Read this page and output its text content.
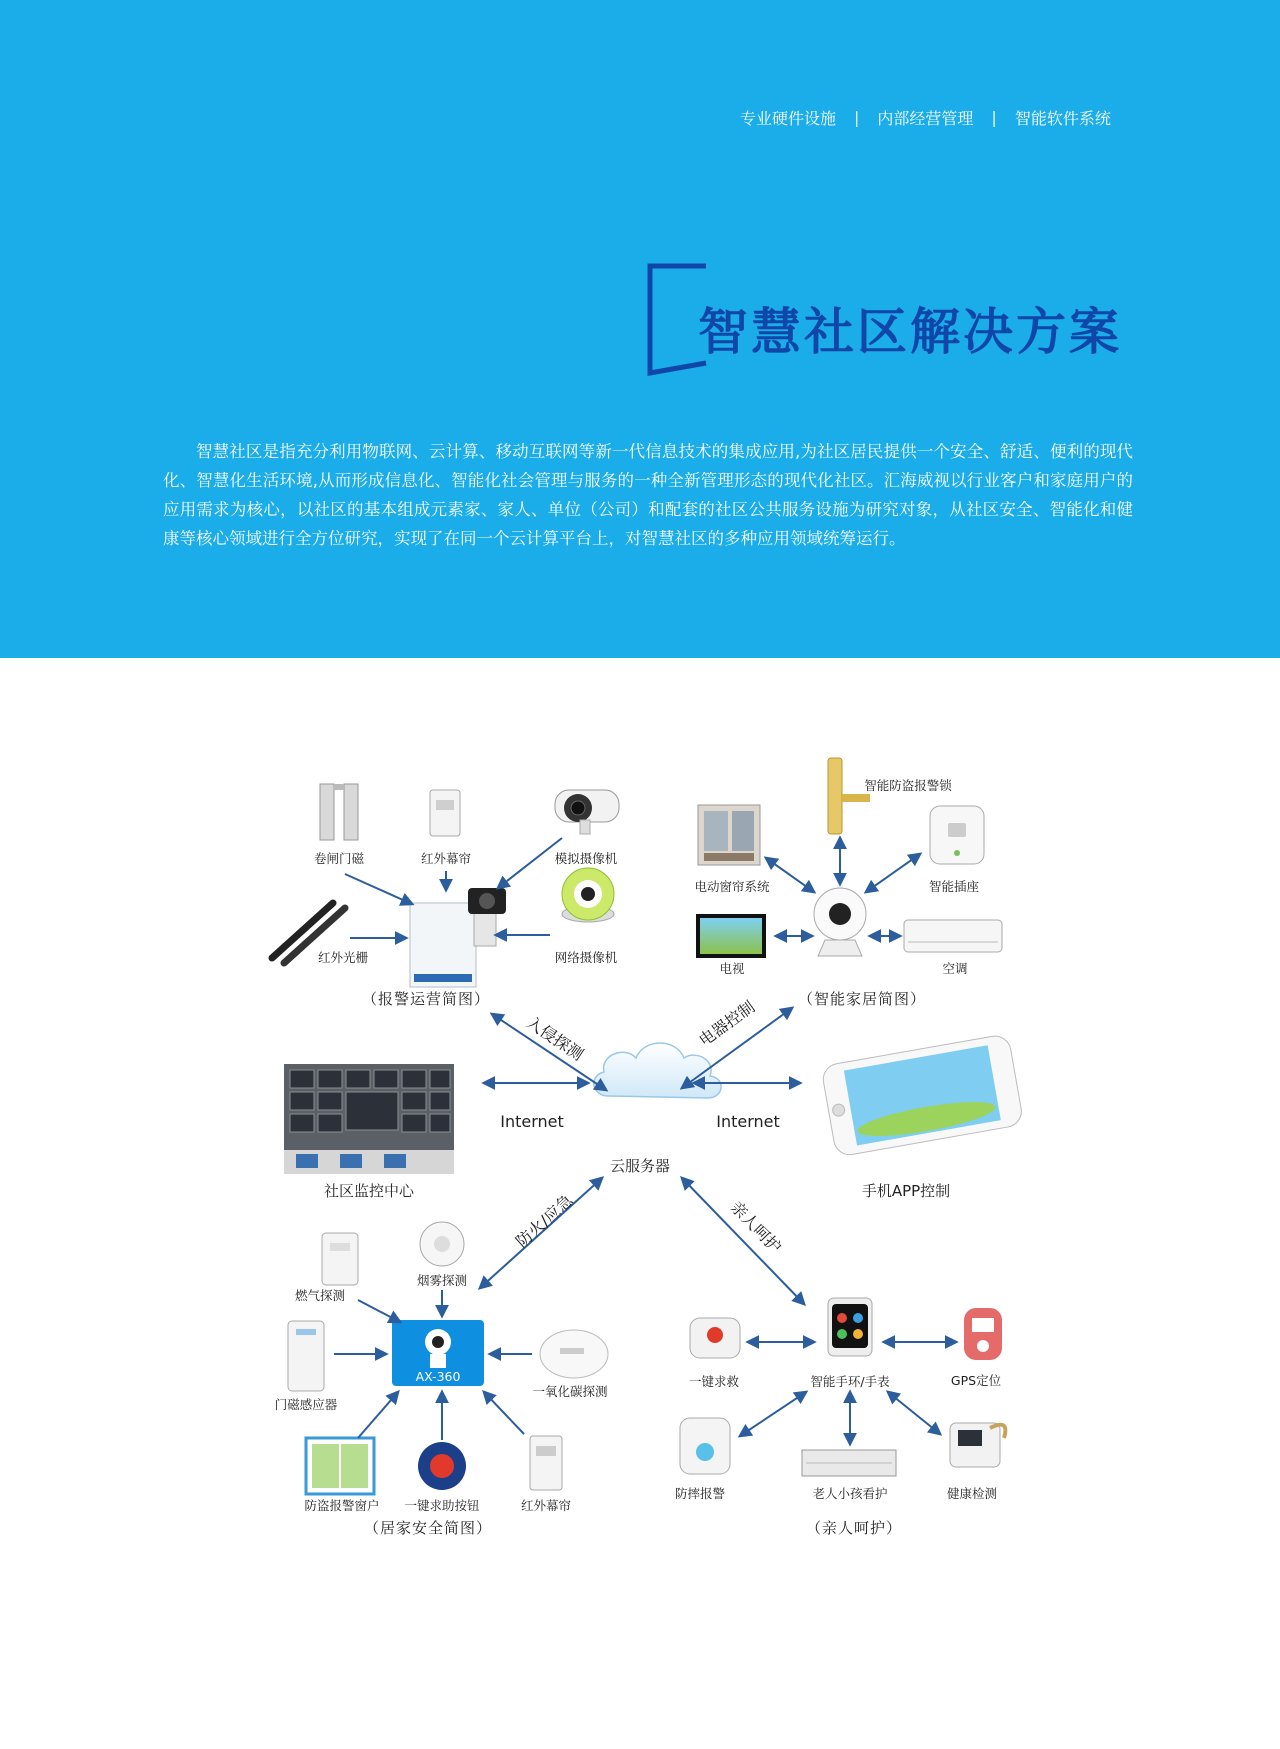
专业硬件设施 | 内部经营管理 | 智能软件系统
智慧社区解决方案
智慧社区是指充分利用物联网、云计算、移动互联网等新一代信息技术的集成应用,为社区居民提供一个安全、舒适、便利的现代化、智慧化生活环境,从而形成信息化、智能化社会管理与服务的一种全新管理形态的现代化社区。汇海威视以行业客户和家庭用户的应用需求为核心，以社区的基本组成元素家、家人、单位（公司）和配套的社区公共服务设施为研究对象，从社区安全、智能化和健康等核心领域进行全方位研究，实现了在同一个云计算平台上，对智慧社区的多种应用领域统筹运行。
云服务器
入侵探测	电器控制
防火/应急	亲人呵护
Internet	Internet
卷闸门磁	红外幕帘	模拟摄像机
红外光栅	网络摄像机
（报警运营简图）
智能防盗报警锁
电动窗帘系统	智能插座
电视	空调
（智能家居简图）
社区监控中心	手机APP控制
AX-360
燃气探测
烟雾探测
门磁感应器
一氧化碳探测
防盗报警窗户 一键求助按钮	红外幕帘
（居家安全简图）
智能手环/手表
一键求救	GPS定位
防摔报警	老人小孩看护	健康检测
（亲人呵护）
